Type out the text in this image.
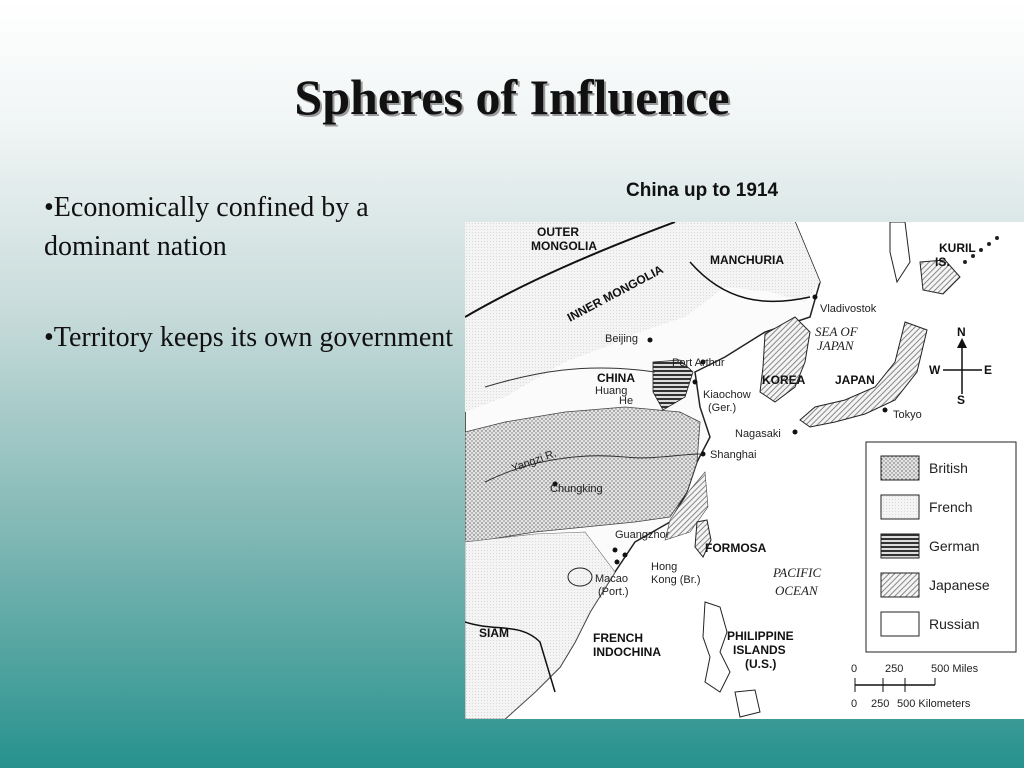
Spheres of Influence

•Economically confined by a dominant nation

•Territory keeps its own government

China up to 1914
OUTER
MONGOLIA
INNER MONGOLIA
MANCHURIA
KURIL
IS.
CHINA	KOREA JAPAN
FORMOSA
SIAM	FRENCH
INDOCHINA
PHILIPPINE
ISLANDS
(U.S.)
Vladivostok
Beijing
Port Arthur
Kiaochow
(Ger.)
Tokyo
Nagasaki
Shanghai
Chungking
Guangzhor
Hong
Kong (Br.)
Macao
(Port.)
SEA OF
JAPAN
PACIFIC
OCEAN
Huang
He
Yangzi R.
N
S
E
W
British
French
German
Japanese
Russian
0	250	500 Miles
0 250 500 Kilometers
